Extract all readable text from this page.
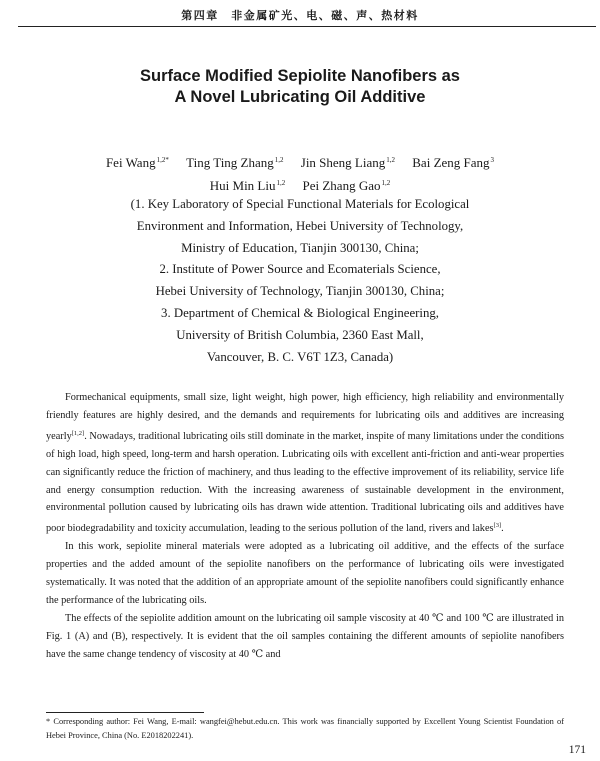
第四章　非金属矿光、电、磁、声、热材料
Surface Modified Sepiolite Nanofibers as
A Novel Lubricating Oil Additive
Fei Wang$^{1,2*}$ Ting Ting Zhang$^{1,2}$ Jin Sheng Liang$^{1,2}$ Bai Zeng Fang$^3$
Hui Min Liu$^{1,2}$ Pei Zhang Gao$^{1,2}$
(1. Key Laboratory of Special Functional Materials for Ecological
Environment and Information, Hebei University of Technology,
Ministry of Education, Tianjin 300130, China;
2. Institute of Power Source and Ecomaterials Science,
Hebei University of Technology, Tianjin 300130, China;
3. Department of Chemical & Biological Engineering,
University of British Columbia, 2360 East Mall,
Vancouver, B. C. V6T 1Z3, Canada)

Formechanical equipments, small size, light weight, high power, high efficiency, high reliability and environmentally friendly features are highly desired, and the demands and requirements for lubricating oils and additives are increasing yearly[1,2]. Nowadays, traditional lubricating oils still dominate in the market, inspite of many limitations under the conditions of high load, high speed, long-term and harsh operation. Lubricating oils with excellent anti-friction and anti-wear properties can significantly reduce the friction of machinery, and thus leading to the effective improvement of its reliability, service life and energy consumption reduction. With the increasing awareness of sustainable development in the environment, environmental pollution caused by lubricating oils has drawn wide attention. Traditional lubricating oils and additives have poor biodegradability and toxicity accumulation, leading to the serious pollution of the land, rivers and lakes[3].

In this work, sepiolite mineral materials were adopted as a lubricating oil additive, and the effects of the surface properties and the added amount of the sepiolite nanofibers on the performance of lubricating oils were investigated systematically. It was noted that the addition of an appropriate amount of the sepiolite nanofibers could significantly enhance the performance of the lubricating oils.

The effects of the sepiolite addition amount on the lubricating oil sample viscosity at 40 ℃ and 100 ℃ are illustrated in Fig. 1 (A) and (B), respectively. It is evident that the oil samples containing the different amounts of sepiolite nanofibers have the same change tendency of viscosity at 40 ℃ and

* Corresponding author: Fei Wang, E-mail: wangfei@hebut.edu.cn. This work was financially supported by Excellent Young Scientist Foundation of Hebei Province, China (No. E2018202241).
171
